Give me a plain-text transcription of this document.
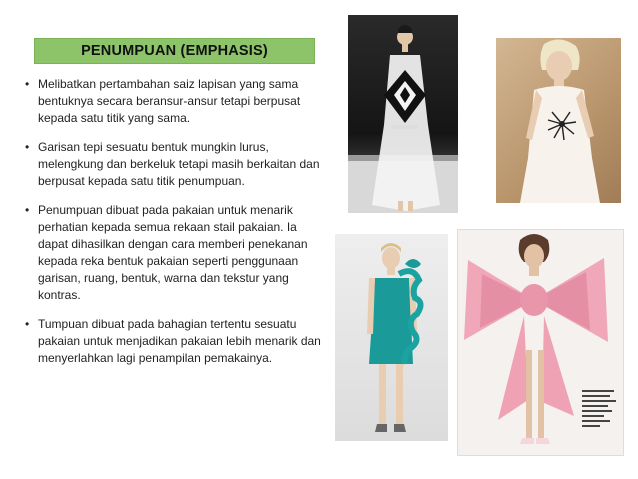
PENUMPUAN (EMPHASIS)
• Melibatkan pertambahan saiz lapisan yang sama bentuknya secara beransur-ansur tetapi berpusat kepada satu titik yang sama.
• Garisan tepi sesuatu bentuk mungkin lurus, melengkung dan berkeluk tetapi masih berkaitan dan berpusat kepada satu titik penumpuan.
• Penumpuan dibuat pada pakaian untuk menarik perhatian kepada semua rekaan stail pakaian. Ia dapat dihasilkan dengan cara memberi penekanan kepada reka bentuk pakaian seperti penggunaan garisan, ruang, bentuk, warna dan tekstur yang kontras.
• Tumpuan dibuat pada bahagian tertentu sesuatu pakaian untuk menjadikan pakaian lebih menarik dan menyerlahkan lagi penampilan pemakainya.
